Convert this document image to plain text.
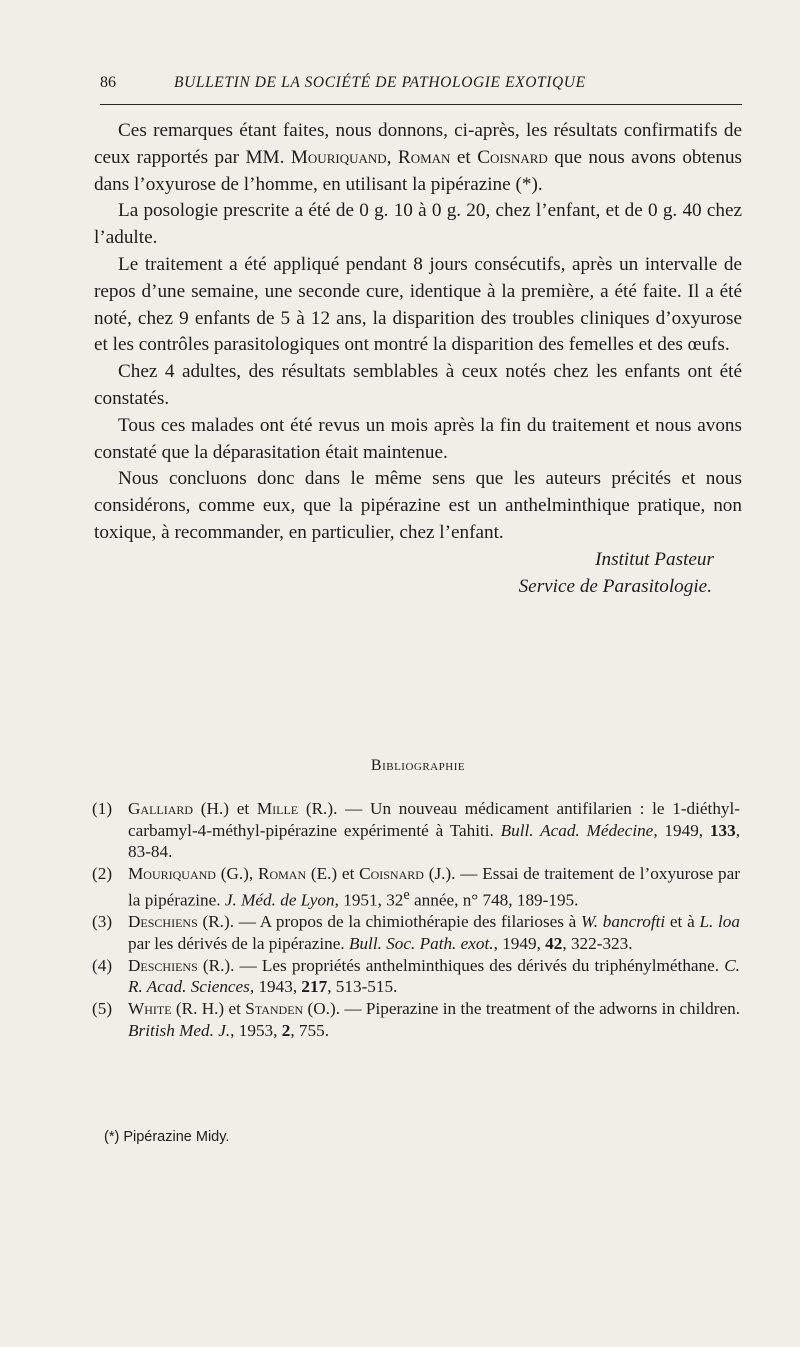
86	BULLETIN DE LA SOCIÉTÉ DE PATHOLOGIE EXOTIQUE

Ces remarques étant faites, nous donnons, ci-après, les résultats confirmatifs de ceux rapportés par MM. Mouriquand, Roman et Coisnard que nous avons obtenus dans l’oxyurose de l’homme, en utilisant la pipérazine (*).

La posologie prescrite a été de 0 g. 10 à 0 g. 20, chez l’enfant, et de 0 g. 40 chez l’adulte.

Le traitement a été appliqué pendant 8 jours consécutifs, après un intervalle de repos d’une semaine, une seconde cure, identique à la première, a été faite. Il a été noté, chez 9 enfants de 5 à 12 ans, la disparition des troubles cliniques d’oxyurose et les contrôles parasitologiques ont montré la disparition des femelles et des œufs.

Chez 4 adultes, des résultats semblables à ceux notés chez les enfants ont été constatés.

Tous ces malades ont été revus un mois après la fin du traitement et nous avons constaté que la déparasitation était maintenue.

Nous concluons donc dans le même sens que les auteurs précités et nous considérons, comme eux, que la pipérazine est un anthelminthique pratique, non toxique, à recommander, en particulier, chez l’enfant.

Institut Pasteur
Service de Parasitologie.
Bibliographie
(1) Galliard (H.) et Mille (R.). — Un nouveau médicament antifilarien : le 1-diéthyl-carbamyl-4-méthyl-pipérazine expérimenté à Tahiti. Bull. Acad. Médecine, 1949, 133, 83-84.
(2) Mouriquand (G.), Roman (E.) et Coisnard (J.). — Essai de traitement de l’oxyurose par la pipérazine. J. Méd. de Lyon, 1951, 32e année, n° 748, 189-195.
(3) Deschiens (R.). — A propos de la chimiothérapie des filarioses à W. bancrofti et à L. loa par les dérivés de la pipérazine. Bull. Soc. Path. exot., 1949, 42, 322-323.
(4) Deschiens (R.). — Les propriétés anthelminthiques des dérivés du triphénylméthane. C. R. Acad. Sciences, 1943, 217, 513-515.
(5) White (R. H.) et Standen (O.). — Piperazine in the treatment of the adworns in children. British Med. J., 1953, 2, 755.
(*) Pipérazine Midy.
